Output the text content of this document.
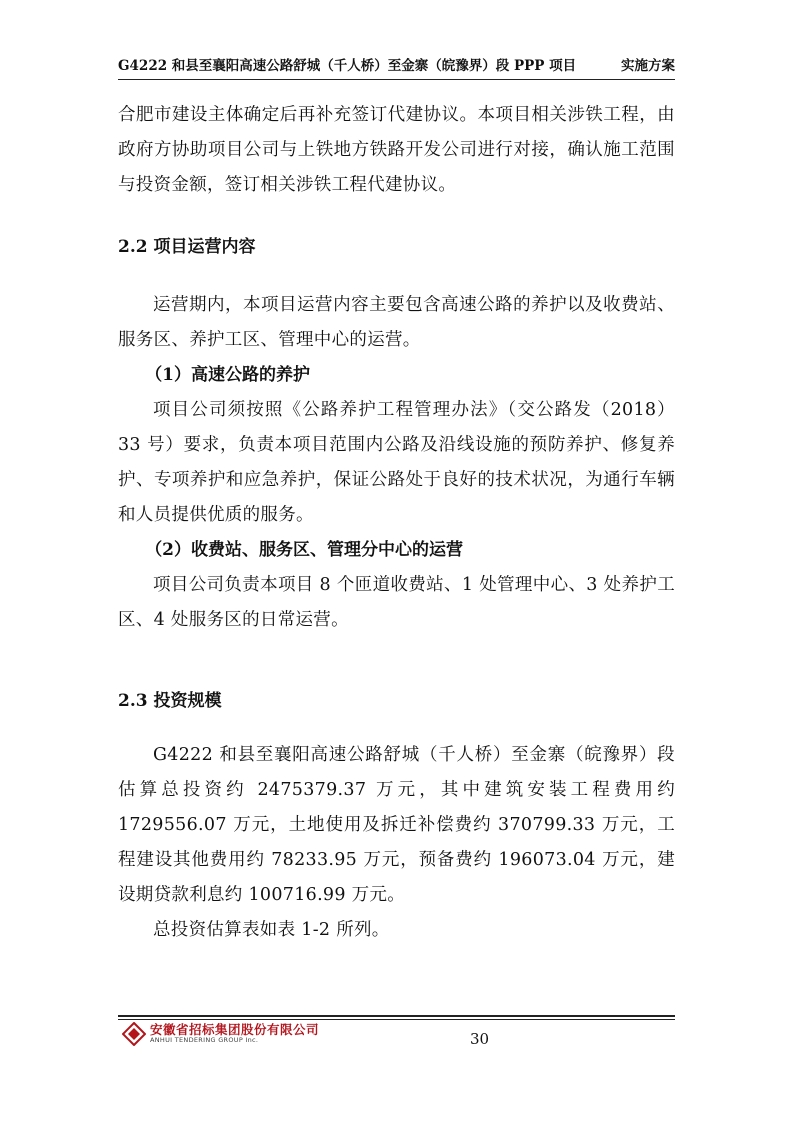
G4222 和县至襄阳高速公路舒城（千人桥）至金寨（皖豫界）段 PPP 项目	实施方案

合肥市建设主体确定后再补充签订代建协议。本项目相关涉铁工程，由政府方协助项目公司与上铁地方铁路开发公司进行对接，确认施工范围与投资金额，签订相关涉铁工程代建协议。

2.2 项目运营内容

运营期内，本项目运营内容主要包含高速公路的养护以及收费站、服务区、养护工区、管理中心的运营。

（1）高速公路的养护

项目公司须按照《公路养护工程管理办法》（交公路发（2018）33 号）要求，负责本项目范围内公路及沿线设施的预防养护、修复养护、专项养护和应急养护，保证公路处于良好的技术状况，为通行车辆和人员提供优质的服务。

（2）收费站、服务区、管理分中心的运营

项目公司负责本项目 8 个匝道收费站、1 处管理中心、3 处养护工区、4 处服务区的日常运营。

2.3 投资规模

G4222 和县至襄阳高速公路舒城（千人桥）至金寨（皖豫界）段估算总投资约 2475379.37 万元，其中建筑安装工程费用约 1729556.07 万元，土地使用及拆迁补偿费约 370799.33 万元，工程建设其他费用约 78233.95 万元，预备费约 196073.04 万元，建设期贷款利息约 100716.99 万元。

总投资估算表如表 1-2 所列。

安徽省招标集团股份有限公司
ANHUI TENDERING GROUP Inc.	30
